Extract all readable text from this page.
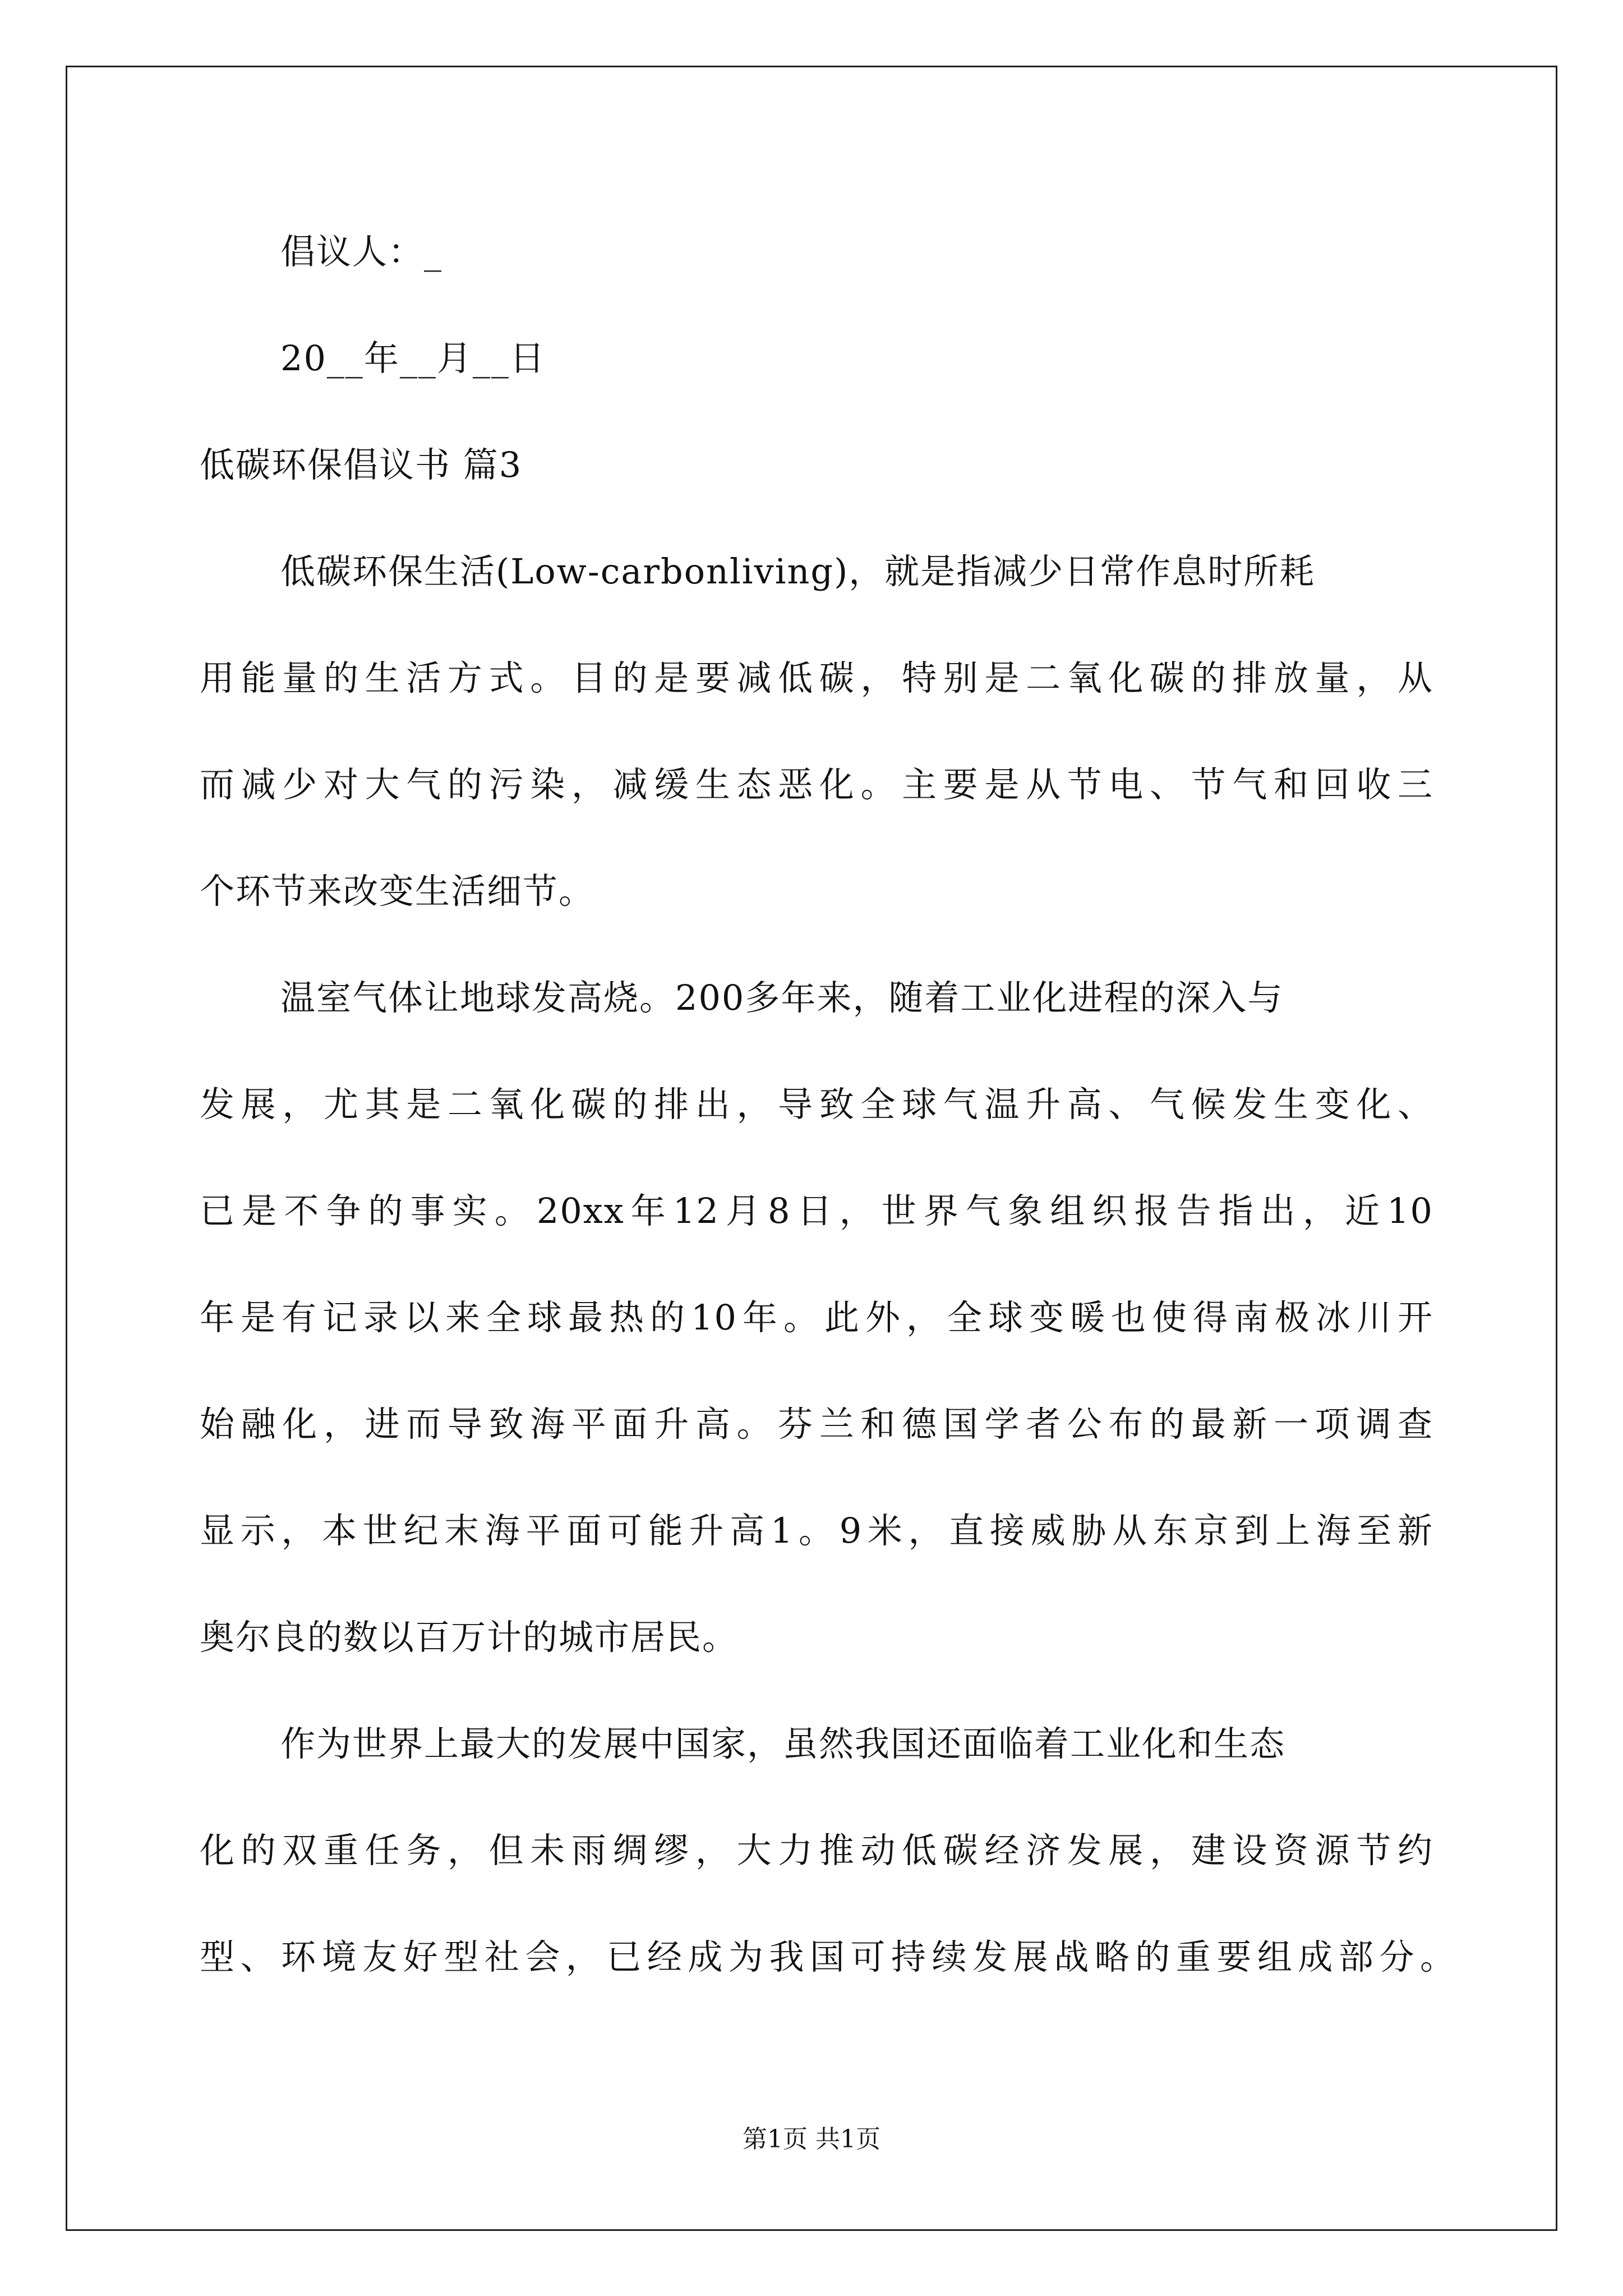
倡议人：_
20__年__月__日
低碳环保倡议书 篇3
低碳环保生活(Low-carbonliving)，就是指减少日常作息时所耗
用能量的生活方式。目的是要减低碳，特别是二氧化碳的排放量，从
而减少对大气的污染，减缓生态恶化。主要是从节电、节气和回收三
个环节来改变生活细节。
温室气体让地球发高烧。200多年来，随着工业化进程的深入与
发展，尤其是二氧化碳的排出，导致全球气温升高、气候发生变化、
已是不争的事实。20xx年12月8日，世界气象组织报告指出，近10
年是有记录以来全球最热的10年。此外，全球变暖也使得南极冰川开
始融化，进而导致海平面升高。芬兰和德国学者公布的最新一项调查
显示，本世纪末海平面可能升高1。9米，直接威胁从东京到上海至新
奥尔良的数以百万计的城市居民。
作为世界上最大的发展中国家，虽然我国还面临着工业化和生态
化的双重任务，但未雨绸缪，大力推动低碳经济发展，建设资源节约
型、环境友好型社会，已经成为我国可持续发展战略的重要组成部分。
第1页 共1页
